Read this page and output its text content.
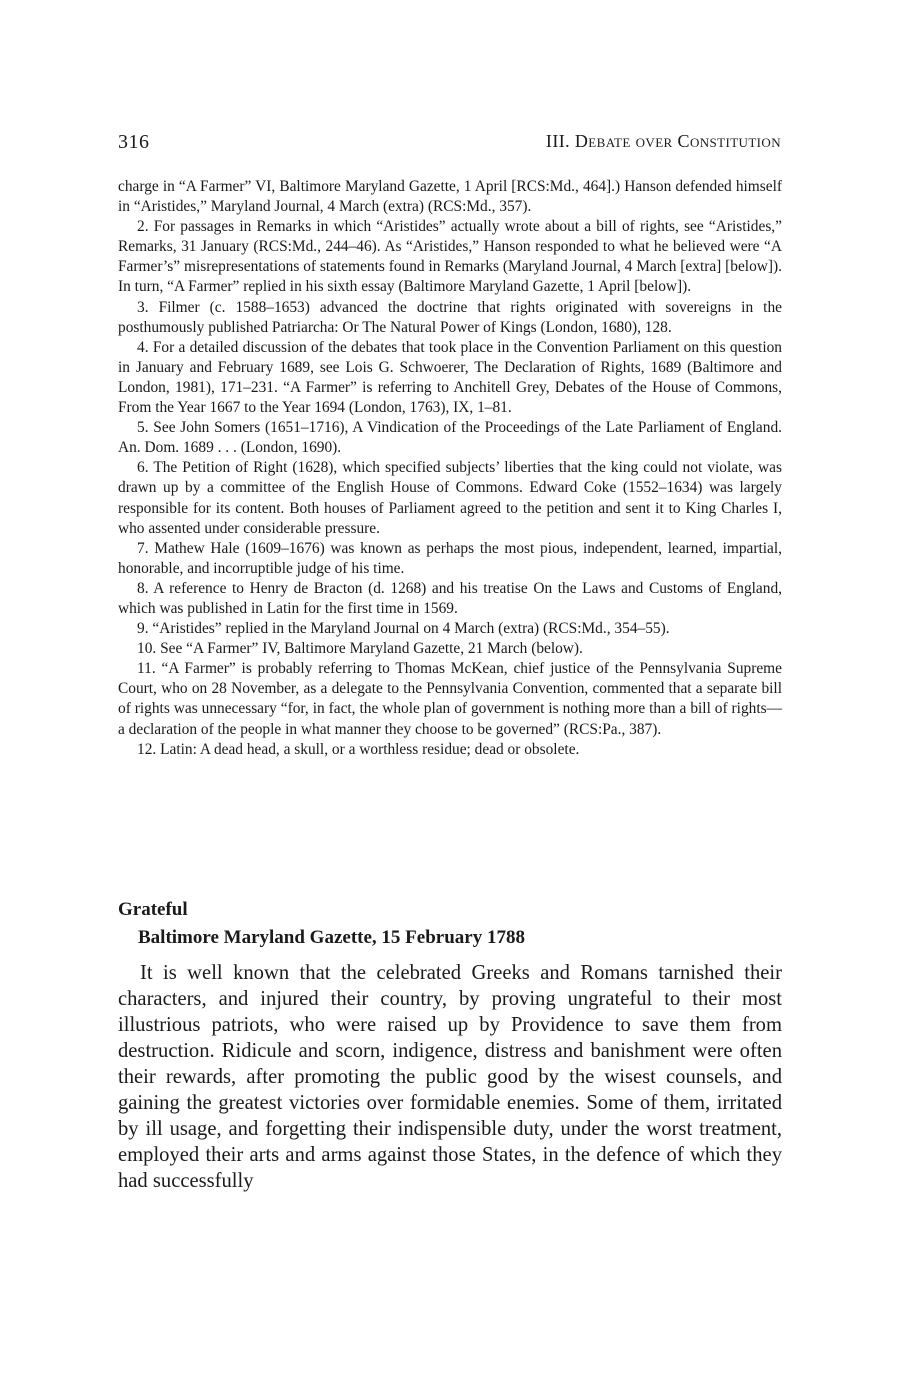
316	III. Debate over Constitution

charge in “A Farmer” VI, Baltimore Maryland Gazette, 1 April [RCS:Md., 464].) Hanson defended himself in “Aristides,” Maryland Journal, 4 March (extra) (RCS:Md., 357).

2. For passages in Remarks in which “Aristides” actually wrote about a bill of rights, see “Aristides,” Remarks, 31 January (RCS:Md., 244–46). As “Aristides,” Hanson responded to what he believed were “A Farmer’s” misrepresentations of statements found in Remarks (Maryland Journal, 4 March [extra] [below]). In turn, “A Farmer” replied in his sixth essay (Baltimore Maryland Gazette, 1 April [below]).

3. Filmer (c. 1588–1653) advanced the doctrine that rights originated with sovereigns in the posthumously published Patriarcha: Or The Natural Power of Kings (London, 1680), 128.

4. For a detailed discussion of the debates that took place in the Convention Parliament on this question in January and February 1689, see Lois G. Schwoerer, The Declaration of Rights, 1689 (Baltimore and London, 1981), 171–231. “A Farmer” is referring to Anchitell Grey, Debates of the House of Commons, From the Year 1667 to the Year 1694 (London, 1763), IX, 1–81.

5. See John Somers (1651–1716), A Vindication of the Proceedings of the Late Parliament of England. An. Dom. 1689 . . . (London, 1690).

6. The Petition of Right (1628), which specified subjects’ liberties that the king could not violate, was drawn up by a committee of the English House of Commons. Edward Coke (1552–1634) was largely responsible for its content. Both houses of Parliament agreed to the petition and sent it to King Charles I, who assented under considerable pressure.

7. Mathew Hale (1609–1676) was known as perhaps the most pious, independent, learned, impartial, honorable, and incorruptible judge of his time.

8. A reference to Henry de Bracton (d. 1268) and his treatise On the Laws and Customs of England, which was published in Latin for the first time in 1569.

9. “Aristides” replied in the Maryland Journal on 4 March (extra) (RCS:Md., 354–55).

10. See “A Farmer” IV, Baltimore Maryland Gazette, 21 March (below).

11. “A Farmer” is probably referring to Thomas McKean, chief justice of the Pennsylvania Supreme Court, who on 28 November, as a delegate to the Pennsylvania Convention, commented that a separate bill of rights was unnecessary “for, in fact, the whole plan of government is nothing more than a bill of rights—a declaration of the people in what manner they choose to be governed” (RCS:Pa., 387).

12. Latin: A dead head, a skull, or a worthless residue; dead or obsolete.

Grateful
Baltimore Maryland Gazette, 15 February 1788

It is well known that the celebrated Greeks and Romans tarnished their characters, and injured their country, by proving ungrateful to their most illustrious patriots, who were raised up by Providence to save them from destruction. Ridicule and scorn, indigence, distress and banishment were often their rewards, after promoting the public good by the wisest counsels, and gaining the greatest victories over formidable enemies. Some of them, irritated by ill usage, and forgetting their indispensible duty, under the worst treatment, employed their arts and arms against those States, in the defence of which they had successfully
